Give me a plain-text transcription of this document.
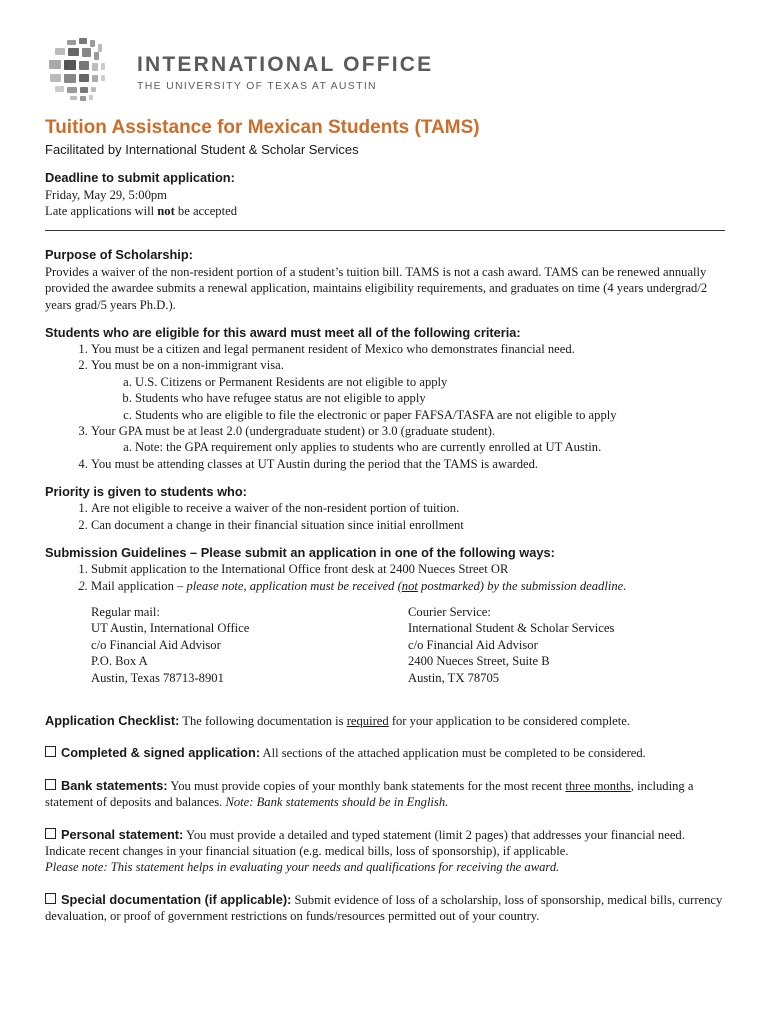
INTERNATIONAL OFFICE
THE UNIVERSITY OF TEXAS AT AUSTIN
Tuition Assistance for Mexican Students (TAMS)

Facilitated by International Student & Scholar Services

Deadline to submit application:

Friday, May 29, 5:00pm

Late applications will not be accepted

Purpose of Scholarship:

Provides a waiver of the non-resident portion of a student’s tuition bill. TAMS is not a cash award. TAMS can be renewed annually provided the awardee submits a renewal application, maintains eligibility requirements, and graduates on time (4 years undergrad/2 years grad/5 years Ph.D.).

Students who are eligible for this award must meet all of the following criteria:

1. You must be a citizen and legal permanent resident of Mexico who demonstrates financial need.
2. You must be on a non-immigrant visa.
a. U.S. Citizens or Permanent Residents are not eligible to apply
b. Students who have refugee status are not eligible to apply
c. Students who are eligible to file the electronic or paper FAFSA/TASFA are not eligible to apply
3. Your GPA must be at least 2.0 (undergraduate student) or 3.0 (graduate student).
a. Note: the GPA requirement only applies to students who are currently enrolled at UT Austin.
4. You must be attending classes at UT Austin during the period that the TAMS is awarded.

Priority is given to students who:

1. Are not eligible to receive a waiver of the non-resident portion of tuition.
2. Can document a change in their financial situation since initial enrollment

Submission Guidelines – Please submit an application in one of the following ways:

1. Submit application to the International Office front desk at 2400 Nueces Street OR
2. Mail application – please note, application must be received (not postmarked) by the submission deadline.
Regular mail:
UT Austin, International Office
c/o Financial Aid Advisor
P.O. Box A
Austin, Texas 78713-8901
Courier Service:
International Student & Scholar Services
c/o Financial Aid Advisor
2400 Nueces Street, Suite B
Austin, TX 78705

Application Checklist: The following documentation is required for your application to be considered complete.

Completed & signed application: All sections of the attached application must be completed to be considered.

Bank statements: You must provide copies of your monthly bank statements for the most recent three months, including a statement of deposits and balances. Note: Bank statements should be in English.

Personal statement: You must provide a detailed and typed statement (limit 2 pages) that addresses your financial need. Indicate recent changes in your financial situation (e.g. medical bills, loss of sponsorship), if applicable.
Please note: This statement helps in evaluating your needs and qualifications for receiving the award.

Special documentation (if applicable): Submit evidence of loss of a scholarship, loss of sponsorship, medical bills, currency devaluation, or proof of government restrictions on funds/resources permitted out of your country.
